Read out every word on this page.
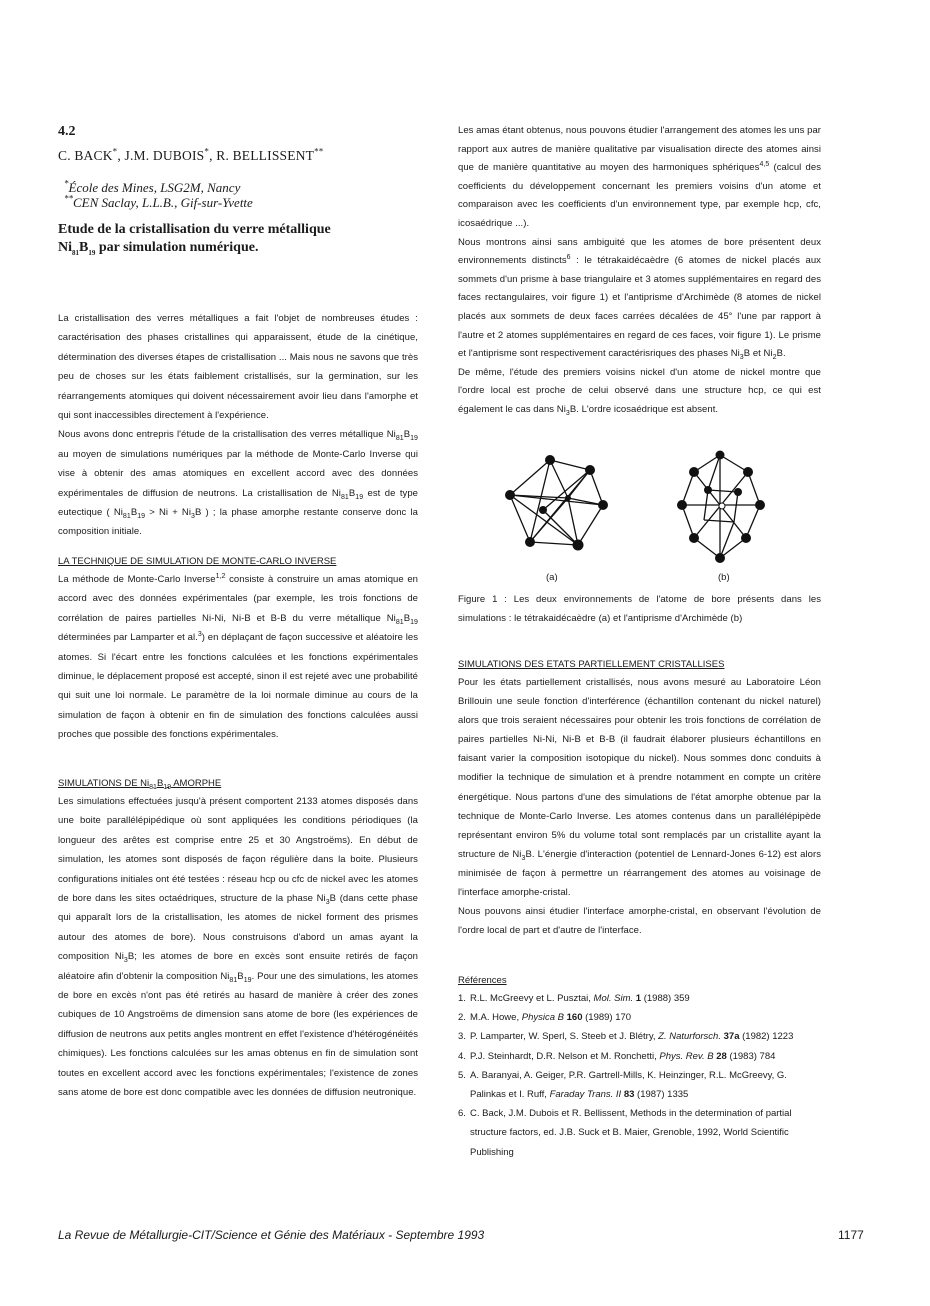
4.2
C. BACK*, J.M. DUBOIS*, R. BELLISSENT**
*École des Mines, LSG2M, Nancy
**CEN Saclay, L.L.B., Gif-sur-Yvette
Etude de la cristallisation du verre métallique
$Ni_{81}B_{19}$ par simulation numérique.

La cristallisation des verres métalliques a fait l'objet de nombreuses études : caractérisation des phases cristallines qui apparaissent, étude de la cinétique, détermination des diverses étapes de cristallisation ... Mais nous ne savons que très peu de choses sur les états faiblement cristallisés, sur la germination, sur les réarrangements atomiques qui doivent nécessairement avoir lieu dans l'amorphe et qui sont inaccessibles directement à l'expérience.

Nous avons donc entrepris l'étude de la cristallisation des verres métallique $Ni_{81}B_{19}$ au moyen de simulations numériques par la méthode de Monte-Carlo Inverse qui vise à obtenir des amas atomiques en excellent accord avec des données expérimentales de diffusion de neutrons. La cristallisation de $Ni_{81}B_{19}$ est de type eutectique ( $Ni_{81}B_{19} > Ni + Ni_3B$ ) ; la phase amorphe restante conserve donc la composition initiale.

LA TECHNIQUE DE SIMULATION DE MONTE-CARLO INVERSE

La méthode de Monte-Carlo Inverse$^{1,2}$ consiste à construire un amas atomique en accord avec des données expérimentales (par exemple, les trois fonctions de corrélation de paires partielles Ni-Ni, Ni-B et B-B du verre métallique $Ni_{81}B_{19}$ déterminées par Lamparter et al.$^3$) en déplaçant de façon successive et aléatoire les atomes. Si l'écart entre les fonctions calculées et les fonctions expérimentales diminue, le déplacement proposé est accepté, sinon il est rejeté avec une probabilité qui suit une loi normale. Le paramètre de la loi normale diminue au cours de la simulation de façon à obtenir en fin de simulation des fonctions calculées aussi proches que possible des fonctions expérimentales.

SIMULATIONS DE $Ni_{81}B_{19}$ AMORPHE

Les simulations effectuées jusqu'à présent comportent 2133 atomes disposés dans une boite parallélépipédique où sont appliquées les conditions périodiques (la longueur des arêtes est comprise entre 25 et 30 Angstroëms). En début de simulation, les atomes sont disposés de façon régulière dans la boite. Plusieurs configurations initiales ont été testées : réseau hcp ou cfc de nickel avec les atomes de bore dans les sites octaédriques, structure de la phase $Ni_3B$ (dans cette phase qui apparaît lors de la cristallisation, les atomes de nickel forment des prismes autour des atomes de bore). Nous construisons d'abord un amas ayant la composition $Ni_3B$; les atomes de bore en excès sont ensuite retirés de façon aléatoire afin d'obtenir la composition $Ni_{81}B_{19}$. Pour une des simulations, les atomes de bore en excès n'ont pas été retirés au hasard de manière à créer des zones cubiques de 10 Angstroëms de dimension sans atome de bore (les expériences de diffusion de neutrons aux petits angles montrent en effet l'existence d'hétérogénéités chimiques). Les fonctions calculées sur les amas obtenus en fin de simulation sont toutes en excellent accord avec les fonctions expérimentales; l'existence de zones sans atome de bore est donc compatible avec les données de diffusion neutronique.

Les amas étant obtenus, nous pouvons étudier l'arrangement des atomes les uns par rapport aux autres de manière qualitative par visualisation directe des atomes ainsi que de manière quantitative au moyen des harmoniques sphériques$^{4,5}$ (calcul des coefficients du développement concernant les premiers voisins d'un atome et comparaison avec les coefficients d'un environnement type, par exemple hcp, cfc, icosaédrique ...).

Nous montrons ainsi sans ambiguité que les atomes de bore présentent deux environnements distincts$^6$ : le tétrakaidécaèdre (6 atomes de nickel placés aux sommets d'un prisme à base triangulaire et 3 atomes supplémentaires en regard des faces rectangulaires, voir figure 1) et l'antiprisme d'Archimède (8 atomes de nickel placés aux sommets de deux faces carrées décalées de 45° l'une par rapport à l'autre et 2 atomes supplémentaires en regard de ces faces, voir figure 1). Le prisme et l'antiprisme sont respectivement caractérisriques des phases $Ni_3B$ et $Ni_2B$.

De même, l'étude des premiers voisins nickel d'un atome de nickel montre que l'ordre local est proche de celui observé dans une structure hcp, ce qui est également le cas dans $Ni_3B$. L'ordre icosaédrique est absent.

(a)	(b)

Figure 1 : Les deux environnements de l'atome de bore présents dans les simulations : le tétrakaidécaèdre (a) et l'antiprisme d'Archimède (b)

SIMULATIONS DES ETATS PARTIELLEMENT CRISTALLISES

Pour les états partiellement cristallisés, nous avons mesuré au Laboratoire Léon Brillouin une seule fonction d'interférence (échantillon contenant du nickel naturel) alors que trois seraient nécessaires pour obtenir les trois fonctions de corrélation de paires partielles Ni-Ni, Ni-B et B-B (il faudrait élaborer plusieurs échantillons en faisant varier la composition isotopique du nickel). Nous sommes donc conduits à modifier la technique de simulation et à prendre notamment en compte un critère énergétique. Nous partons d'une des simulations de l'état amorphe obtenue par la technique de Monte-Carlo Inverse. Les atomes contenus dans un parallélépipède représentant environ 5% du volume total sont remplacés par un cristallite ayant la structure de $Ni_3B$. L'énergie d'interaction (potentiel de Lennard-Jones 6-12) est alors minimisée de façon à permettre un réarrangement des atomes au voisinage de l'interface amorphe-cristal.

Nous pouvons ainsi étudier l'interface amorphe-cristal, en observant l'évolution de l'ordre local de part et d'autre de l'interface.

Références

1. R.L. McGreevy et L. Pusztai, Mol. Sim. 1 (1988) 359
2. M.A. Howe, Physica B 160 (1989) 170
3. P. Lamparter, W. Sperl, S. Steeb et J. Blétry, Z. Naturforsch. 37a (1982) 1223
4. P.J. Steinhardt, D.R. Nelson et M. Ronchetti, Phys. Rev. B 28 (1983) 784
5. A. Baranyai, A. Geiger, P.R. Gartrell-Mills, K. Heinzinger, R.L. McGreevy, G. Palinkas et I. Ruff, Faraday Trans. II 83 (1987) 1335
6. C. Back, J.M. Dubois et R. Bellissent, Methods in the determination of partial structure factors, ed. J.B. Suck et B. Maier, Grenoble, 1992, World Scientific Publishing
La Revue de Métallurgie-CIT/Science et Génie des Matériaux - Septembre 1993	1177
